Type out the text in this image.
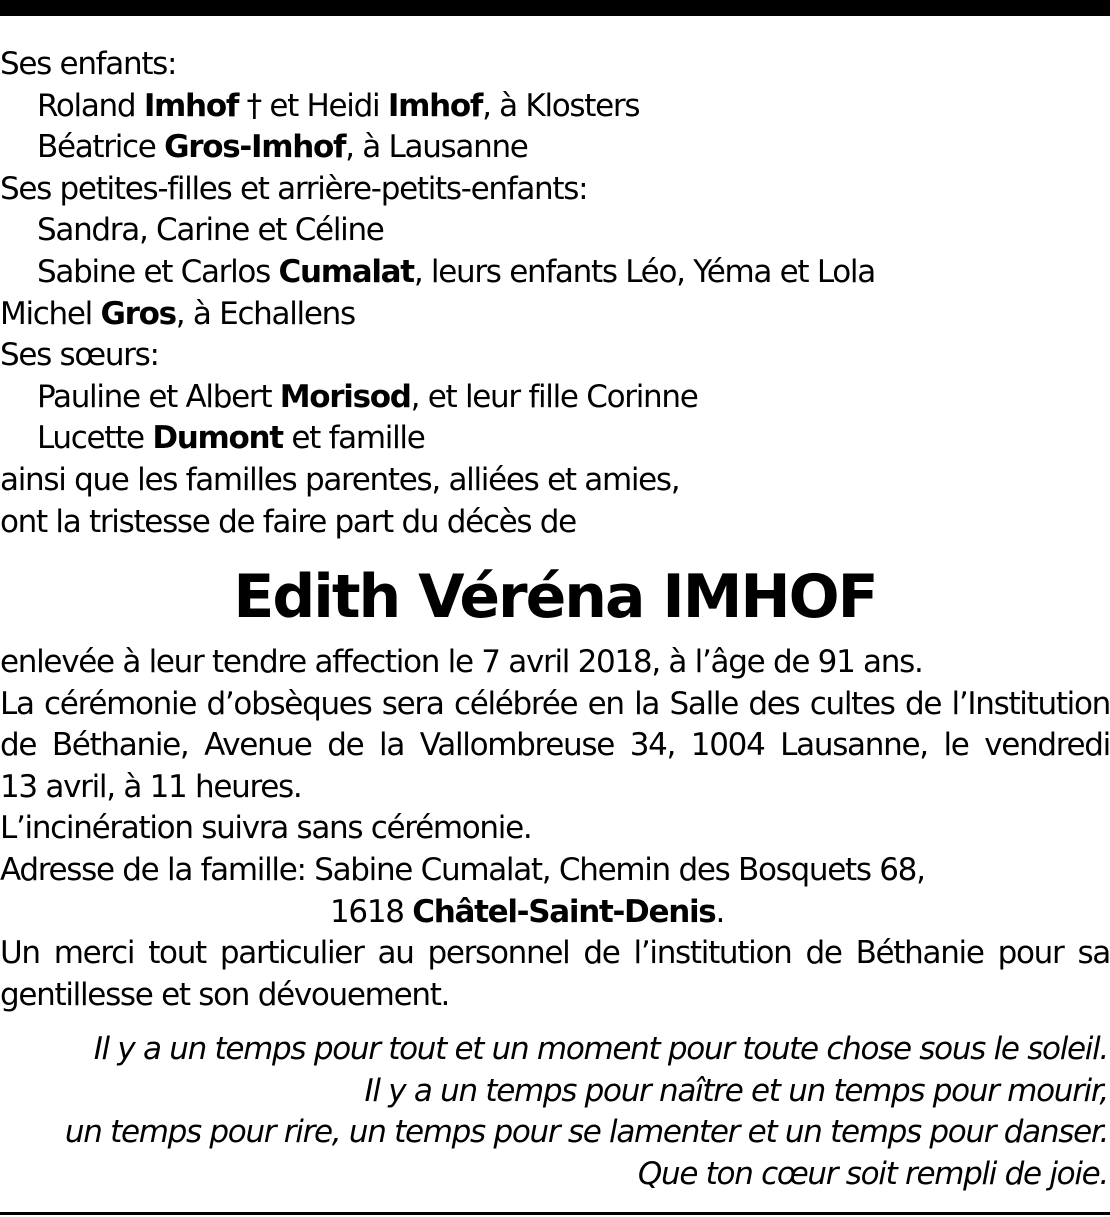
Ses enfants:
Roland Imhof † et Heidi Imhof, à Klosters
Béatrice Gros-Imhof, à Lausanne
Ses petites-filles et arrière-petits-enfants:
Sandra, Carine et Céline
Sabine et Carlos Cumalat, leurs enfants Léo, Yéma et Lola
Michel Gros, à Echallens
Ses sœurs:
Pauline et Albert Morisod, et leur fille Corinne
Lucette Dumont et famille
ainsi que les familles parentes, alliées et amies,
ont la tristesse de faire part du décès de
Edith Véréna IMHOF
enlevée à leur tendre affection le 7 avril 2018, à l’âge de 91 ans.
La cérémonie d’obsèques sera célébrée en la Salle des cultes de l’Institution
de Béthanie, Avenue de la Vallombreuse 34, 1004 Lausanne, le vendredi
13 avril, à 11 heures.
L’incinération suivra sans cérémonie.
Adresse de la famille: Sabine Cumalat, Chemin des Bosquets 68,
1618 Châtel-Saint-Denis.
Un merci tout particulier au personnel de l’institution de Béthanie pour sa
gentillesse et son dévouement.
Il y a un temps pour tout et un moment pour toute chose sous le soleil.
Il y a un temps pour naître et un temps pour mourir,
un temps pour rire, un temps pour se lamenter et un temps pour danser.
Que ton cœur soit rempli de joie.
